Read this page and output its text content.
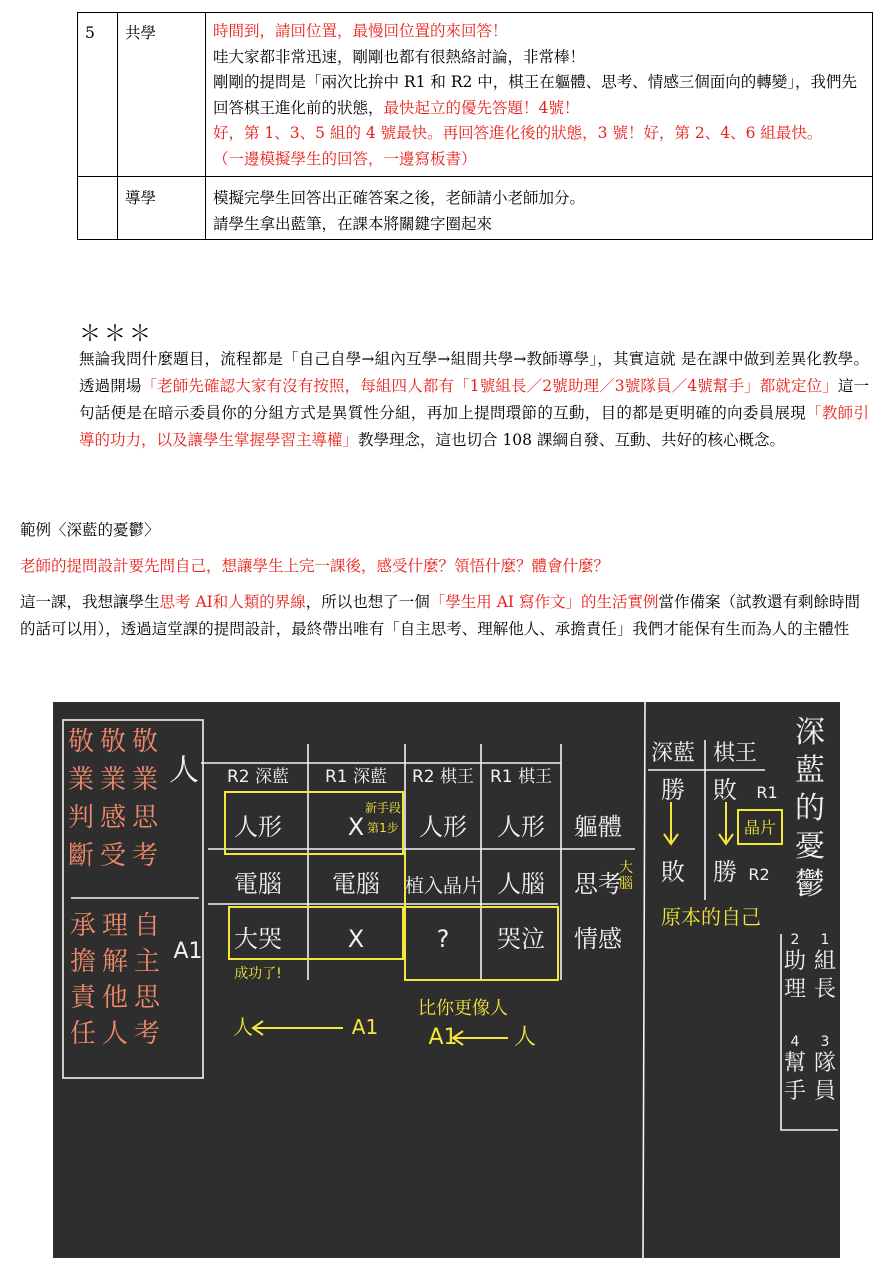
5	共學	時間到，請回位置，最慢回位置的來回答！

哇大家都非常迅速，剛剛也都有很熱絡討論，非常棒！

剛剛的提問是「兩次比拚中 R1 和 R2 中，棋王在軀體、思考、情感三個面向的轉變」，我們先回答棋王進化前的狀態，最快起立的優先答題！4號！

好，第 1、3、5 組的 4 號最快。再回答進化後的狀態，3 號！好，第 2、4、6 組最快。

（一邊模擬學生的回答，一邊寫板書）

	導學	模擬完學生回答出正確答案之後，老師請小老師加分。

請學生拿出藍筆，在課本將關鍵字圈起來

＊＊＊

無論我問什麼題目，流程都是「自己自學→組內互學→組間共學→教師導學」，其實這就 是在課中做到差異化教學。透過開場「老師先確認大家有沒有按照，每組四人都有「1號組長／2號助理／3號隊員／4號幫手」都就定位」這一句話便是在暗示委員你的分組方式是異質性分組，再加上提問環節的互動，目的都是更明確的向委員展現「教師引導的功力，以及讓學生掌握學習主導權」教學理念，這也切合 108 課綱自發、互動、共好的核心概念。

範例〈深藍的憂鬱〉

老師的提問設計要先問自己，想讓學生上完一課後，感受什麼？領悟什麼？體會什麼？

這一課，我想讓學生思考 AI和人類的界線，所以也想了一個「學生用 AI 寫作文」的生活實例當作備案（試教還有剩餘時間的話可以用），透過這堂課的提問設計，最終帶出唯有「自主思考、理解他人、承擔責任」我們才能保有生而為人的主體性

敬
業
判
斷
敬
業
感
受
敬
業
思
考
人
承
擔
責
任
理
解
他
人
自
主
思
考
A1
R2 深藍 R1 深藍 R2 棋王 R1 棋王
人形	X 人形 人形 軀體
電腦 電腦 植入晶片 人腦 思考
大哭	X	? 哭泣 情感
新手段
第1步
大
腦
成功了!
人	A1
比你更像人
A1	人
深藍 棋王
勝 敗 R1
晶片
敗 勝 R2
原本的自己
深
藍
的
憂
鬱
1
組
長
2
助
理
3
隊
員
4
幫
手
